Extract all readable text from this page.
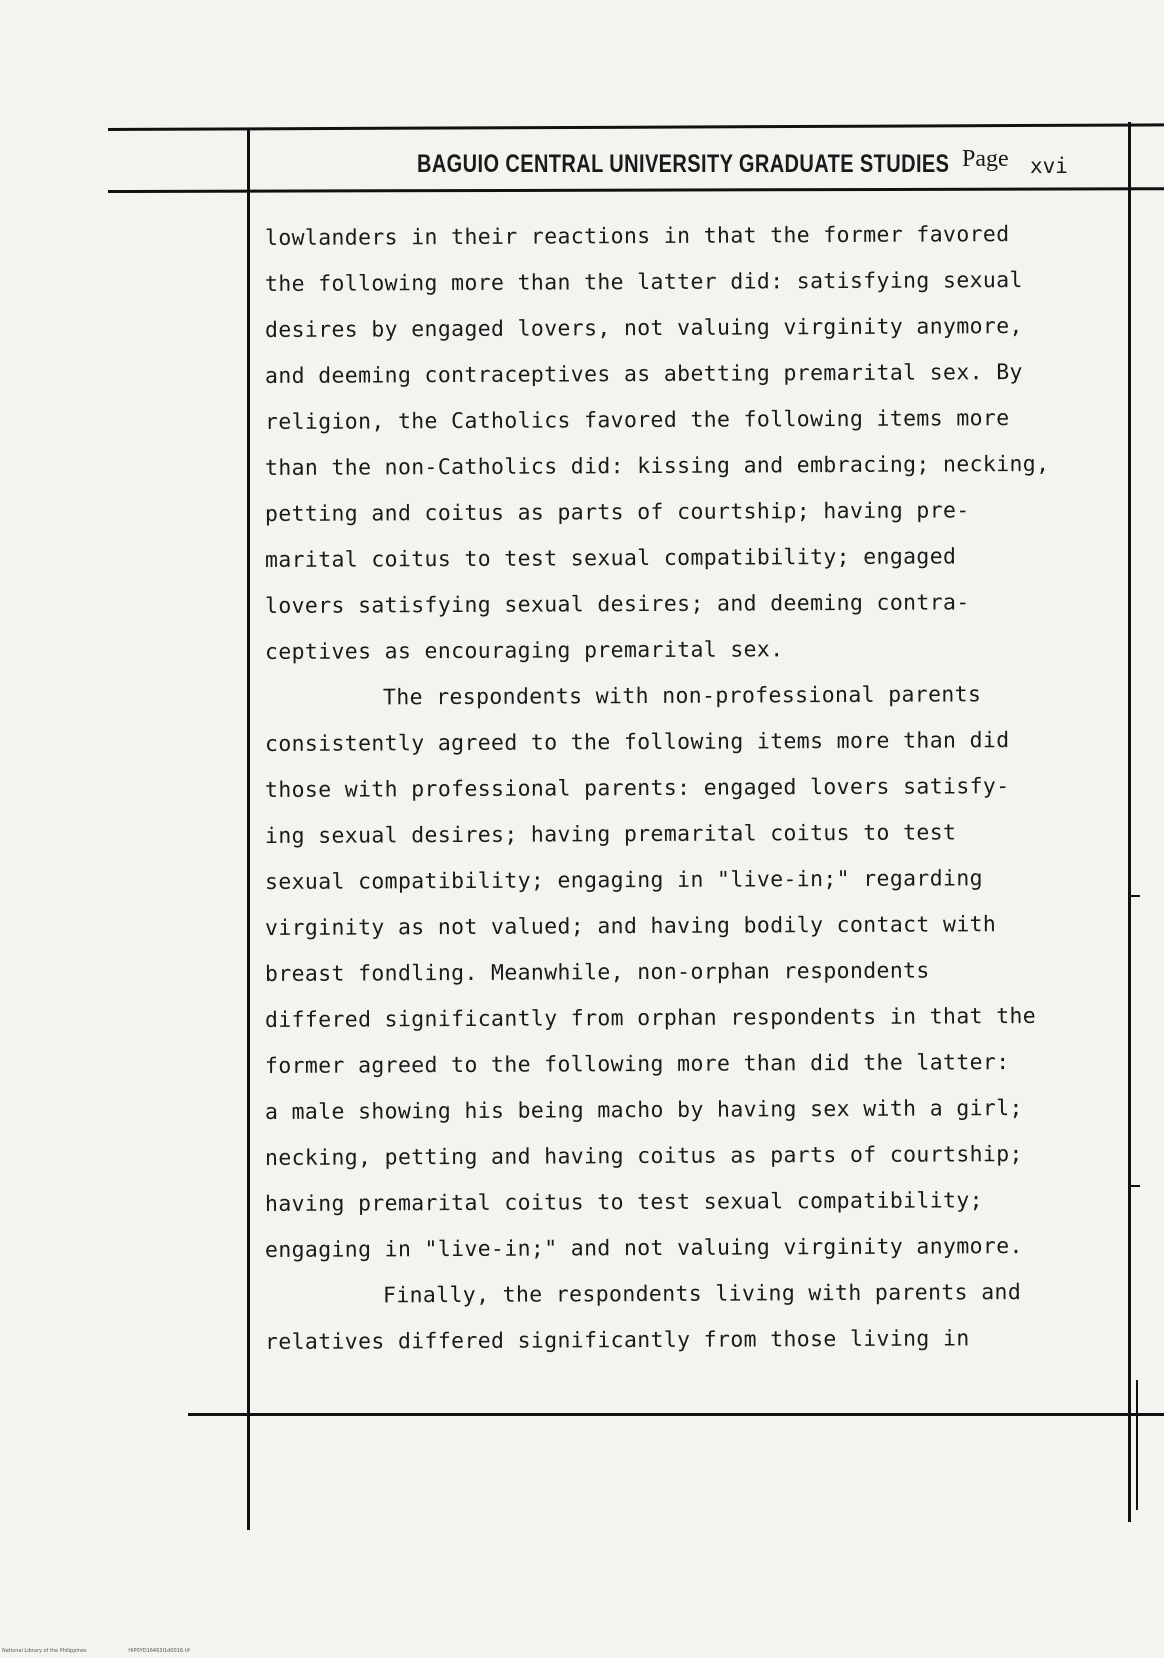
BAGUIO CENTRAL UNIVERSITY GRADUATE STUDIES Page xvi
lowlanders in their reactions in that the former favored
the following more than the latter did: satisfying sexual
desires by engaged lovers, not valuing virginity anymore,
and deeming contraceptives as abetting premarital sex. By
religion, the Catholics favored the following items more
than the non-Catholics did: kissing and embracing; necking,
petting and coitus as parts of courtship; having pre-
marital coitus to test sexual compatibility; engaged
lovers satisfying sexual desires; and deeming contra-
ceptives as encouraging premarital sex.
The respondents with non-professional parents
consistently agreed to the following items more than did
those with professional parents: engaged lovers satisfy-
ing sexual desires; having premarital coitus to test
sexual compatibility; engaging in "live-in;" regarding
virginity as not valued; and having bodily contact with
breast fondling. Meanwhile, non-orphan respondents
differed significantly from orphan respondents in that the
former agreed to the following more than did the latter:
a male showing his being macho by having sex with a girl;
necking, petting and having coitus as parts of courtship;
having premarital coitus to test sexual compatibility;
engaging in "live-in;" and not valuing virginity anymore.
Finally, the respondents living with parents and
relatives differed significantly from those living in
National Library of the Philippines	HIP0YD16463I1d0016.tif
